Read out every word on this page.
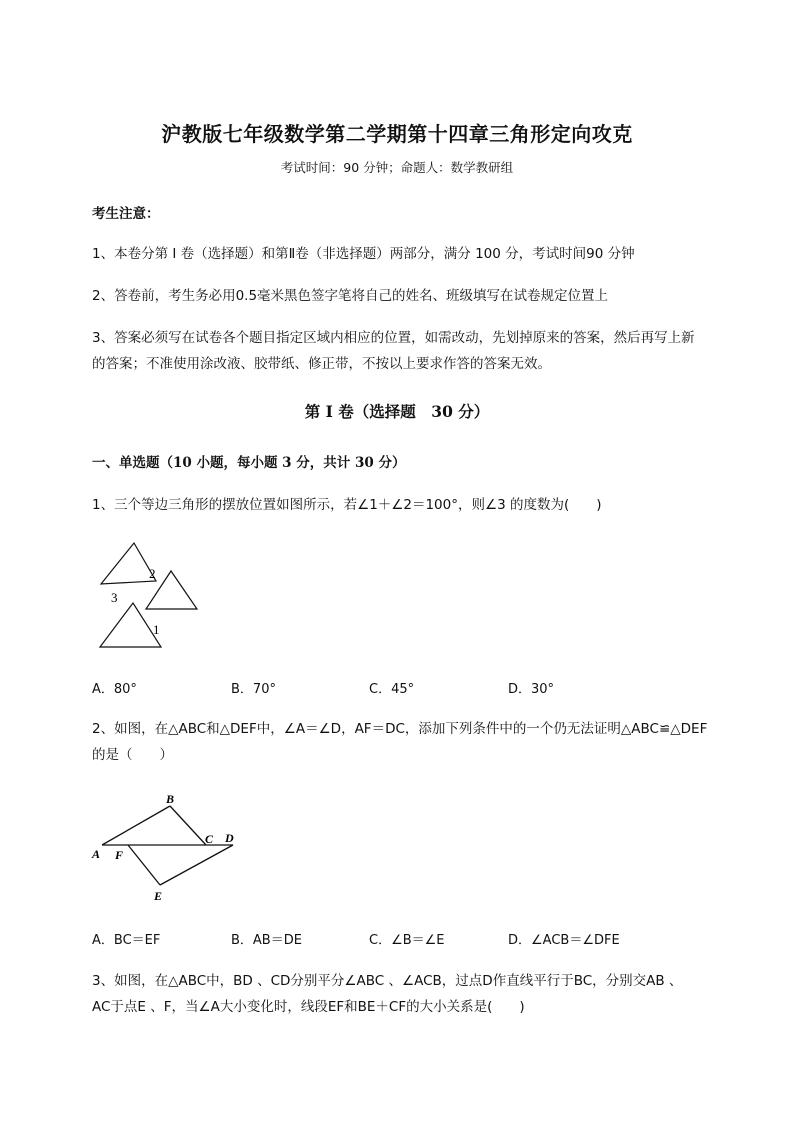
沪教版七年级数学第二学期第十四章三角形定向攻克
考试时间：90 分钟；命题人：数学教研组
考生注意：
1、本卷分第 I 卷（选择题）和第Ⅱ卷（非选择题）两部分，满分 100 分，考试时间90 分钟
2、答卷前，考生务必用0.5毫米黑色签字笔将自己的姓名、班级填写在试卷规定位置上
3、答案必须写在试卷各个题目指定区域内相应的位置，如需改动，先划掉原来的答案，然后再写上新
的答案；不准使用涂改液、胶带纸、修正带，不按以上要求作答的答案无效。
第 I 卷（选择题　30 分）
一、单选题（10 小题，每小题 3 分，共计 30 分）
1、三个等边三角形的摆放位置如图所示，若∠1＋∠2＝100°，则∠3 的度数为(　　)
2
3
1
A．80°	B．70°	C．45°	D．30°
2、如图，在△ABC和△DEF中，∠A＝∠D，AF＝DC，添加下列条件中的一个仍无法证明△ABC≌△DEF
的是（　　）
A
B
C D
E
F
A．BC＝EF	B．AB＝DE	C．∠B＝∠E	D．∠ACB＝∠DFE
3、如图，在△ABC中，BD 、CD分别平分∠ABC 、∠ACB，过点D作直线平行于BC，分别交AB 、
AC于点E 、F，当∠A大小变化时，线段EF和BE＋CF的大小关系是(　　)
